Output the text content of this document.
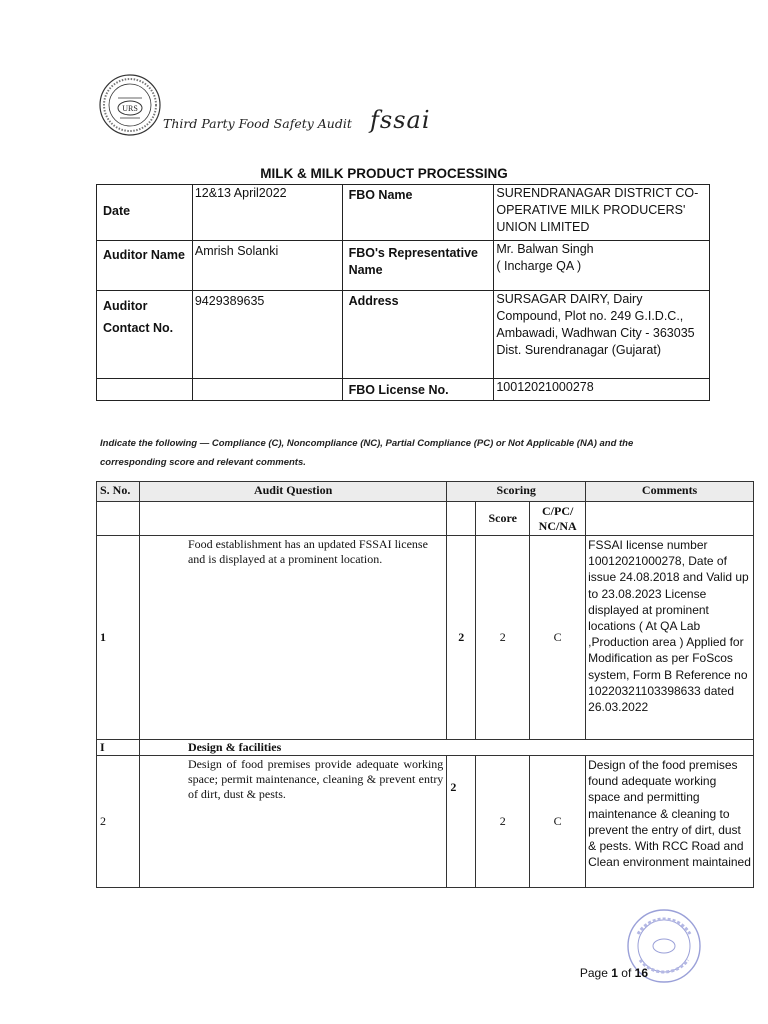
URS
Third Party Food Safety Audit fssai
MILK & MILK PRODUCT PROCESSING
Date	12&13 April2022	FBO Name	SURENDRANAGAR DISTRICT CO-OPERATIVE MILK PRODUCERS' UNION LIMITED
Auditor Name	Amrish Solanki	FBO's Representative Name	Mr. Balwan Singh
( Incharge QA )

Auditor Contact No.	9429389635	Address	SURSAGAR DAIRY, Dairy Compound, Plot no. 249 G.I.D.C., Ambawadi, Wadhwan City - 363035 Dist. Surendranagar (Gujarat)
		FBO License No.	10012021000278
Indicate the following — Compliance (C), Noncompliance (NC), Partial Compliance (PC) or Not Applicable (NA) and the corresponding score and relevant comments.
S. No.	Audit Question	Scoring			Comments
			Score	C/PC/ NC/NA	
1	Food establishment has an updated FSSAI license and is displayed at a prominent location.	2	2	C	FSSAI license number 10012021000278, Date of issue 24.08.2018 and Valid up to 23.08.2023 License displayed at prominent locations ( At QA Lab ,Production area ) Applied for Modification as per FoScos system, Form B Reference no 10220321103398633 dated 26.03.2022
I	Design & facilities				
2	Design of food premises provide adequate working space; permit maintenance, cleaning & prevent entry of dirt, dust & pests.	2	2	C	Design of the food premises found adequate working space and permitting maintenance & cleaning to prevent the entry of dirt, dust & pests. With RCC Road and Clean environment maintained
Page 1 of 16
